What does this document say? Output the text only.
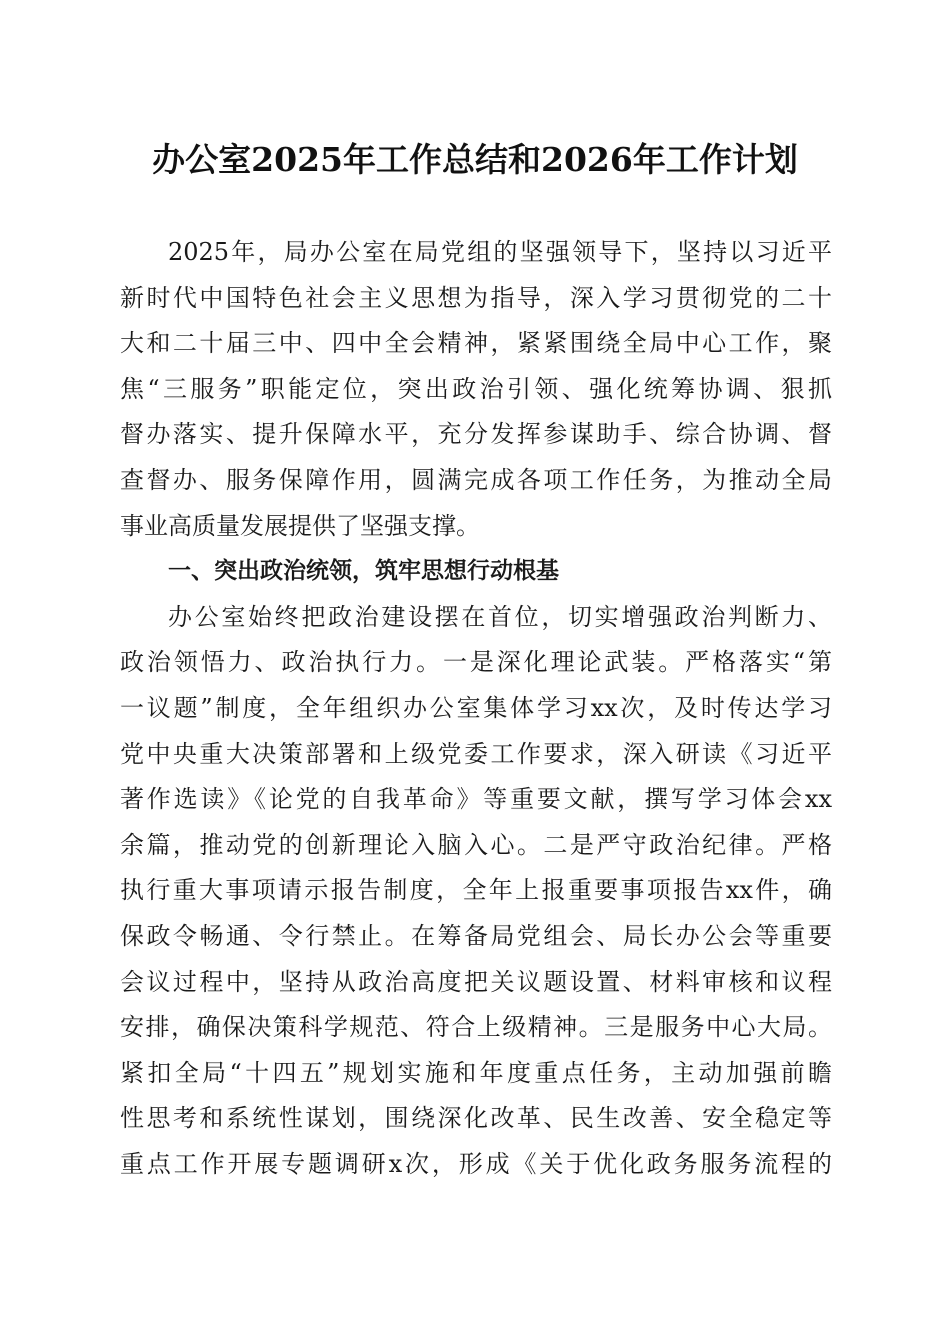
办公室2025年工作总结和2026年工作计划
2025年，局办公室在局党组的坚强领导下，坚持以习近平
新时代中国特色社会主义思想为指导，深入学习贯彻党的二十
大和二十届三中、四中全会精神，紧紧围绕全局中心工作，聚
焦“三服务”职能定位，突出政治引领、强化统筹协调、狠抓
督办落实、提升保障水平，充分发挥参谋助手、综合协调、督
查督办、服务保障作用，圆满完成各项工作任务，为推动全局
事业高质量发展提供了坚强支撑。
一、突出政治统领，筑牢思想行动根基
办公室始终把政治建设摆在首位，切实增强政治判断力、
政治领悟力、政治执行力。一是深化理论武装。严格落实“第
一议题”制度，全年组织办公室集体学习xx次，及时传达学习
党中央重大决策部署和上级党委工作要求，深入研读《习近平
著作选读》《论党的自我革命》等重要文献，撰写学习体会xx
余篇，推动党的创新理论入脑入心。二是严守政治纪律。严格
执行重大事项请示报告制度，全年上报重要事项报告xx件，确
保政令畅通、令行禁止。在筹备局党组会、局长办公会等重要
会议过程中，坚持从政治高度把关议题设置、材料审核和议程
安排，确保决策科学规范、符合上级精神。三是服务中心大局。
紧扣全局“十四五”规划实施和年度重点任务，主动加强前瞻
性思考和系统性谋划，围绕深化改革、民生改善、安全稳定等
重点工作开展专题调研x次，形成《关于优化政务服务流程的
